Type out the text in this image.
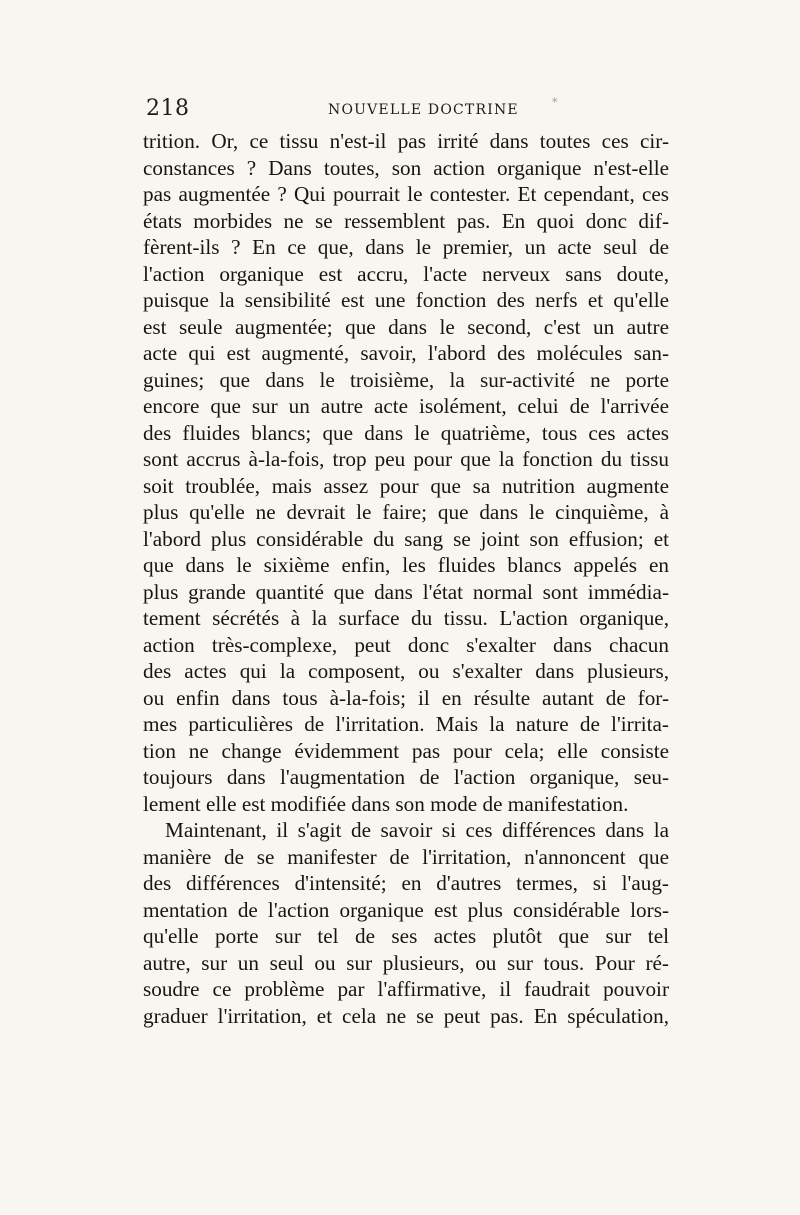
218	NOUVELLE DOCTRINE	*
trition. Or, ce tissu n'est-il pas irrité dans toutes ces cir-
constances ? Dans toutes, son action organique n'est-elle
pas augmentée ? Qui pourrait le contester. Et cependant, ces
états morbides ne se ressemblent pas. En quoi donc dif-
fèrent-ils ? En ce que, dans le premier, un acte seul de
l'action organique est accru, l'acte nerveux sans doute,
puisque la sensibilité est une fonction des nerfs et qu'elle
est seule augmentée; que dans le second, c'est un autre
acte qui est augmenté, savoir, l'abord des molécules san-
guines; que dans le troisième, la sur-activité ne porte
encore que sur un autre acte isolément, celui de l'arrivée
des fluides blancs; que dans le quatrième, tous ces actes
sont accrus à-la-fois, trop peu pour que la fonction du tissu
soit troublée, mais assez pour que sa nutrition augmente
plus qu'elle ne devrait le faire; que dans le cinquième, à
l'abord plus considérable du sang se joint son effusion; et
que dans le sixième enfin, les fluides blancs appelés en
plus grande quantité que dans l'état normal sont immédia-
tement sécrétés à la surface du tissu. L'action organique,
action très-complexe, peut donc s'exalter dans chacun
des actes qui la composent, ou s'exalter dans plusieurs,
ou enfin dans tous à-la-fois; il en résulte autant de for-
mes particulières de l'irritation. Mais la nature de l'irrita-
tion ne change évidemment pas pour cela; elle consiste
toujours dans l'augmentation de l'action organique, seu-
lement elle est modifiée dans son mode de manifestation.
Maintenant, il s'agit de savoir si ces différences dans la
manière de se manifester de l'irritation, n'annoncent que
des différences d'intensité; en d'autres termes, si l'aug-
mentation de l'action organique est plus considérable lors-
qu'elle porte sur tel de ses actes plutôt que sur tel
autre, sur un seul ou sur plusieurs, ou sur tous. Pour ré-
soudre ce problème par l'affirmative, il faudrait pouvoir
graduer l'irritation, et cela ne se peut pas. En spéculation,
